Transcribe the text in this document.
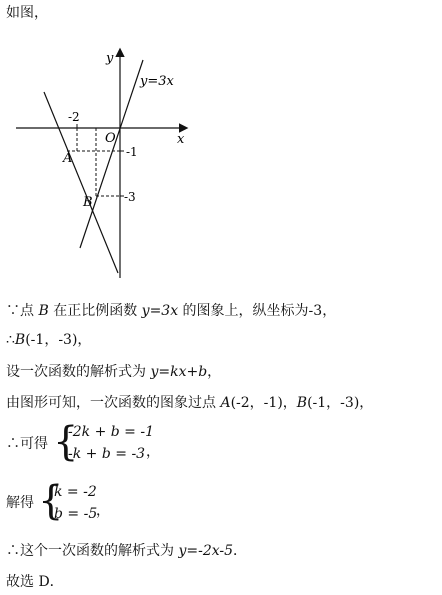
如图，
y
x
O
y=3x
-2
-1
-3
A
B
∵点 B 在正比例函数 y=3x 的图象上，纵坐标为-3，
∴B(-1，-3)，
设一次函数的解析式为 y=kx+b，
由图形可知，一次函数的图象过点 A(-2，-1)，B(-1，-3)，
∴可得 {
-2k + b = -1
-k + b = -3 ，
解得 {
k = -2
b = -5
，
∴这个一次函数的解析式为 y=-2x-5．
故选 D．
